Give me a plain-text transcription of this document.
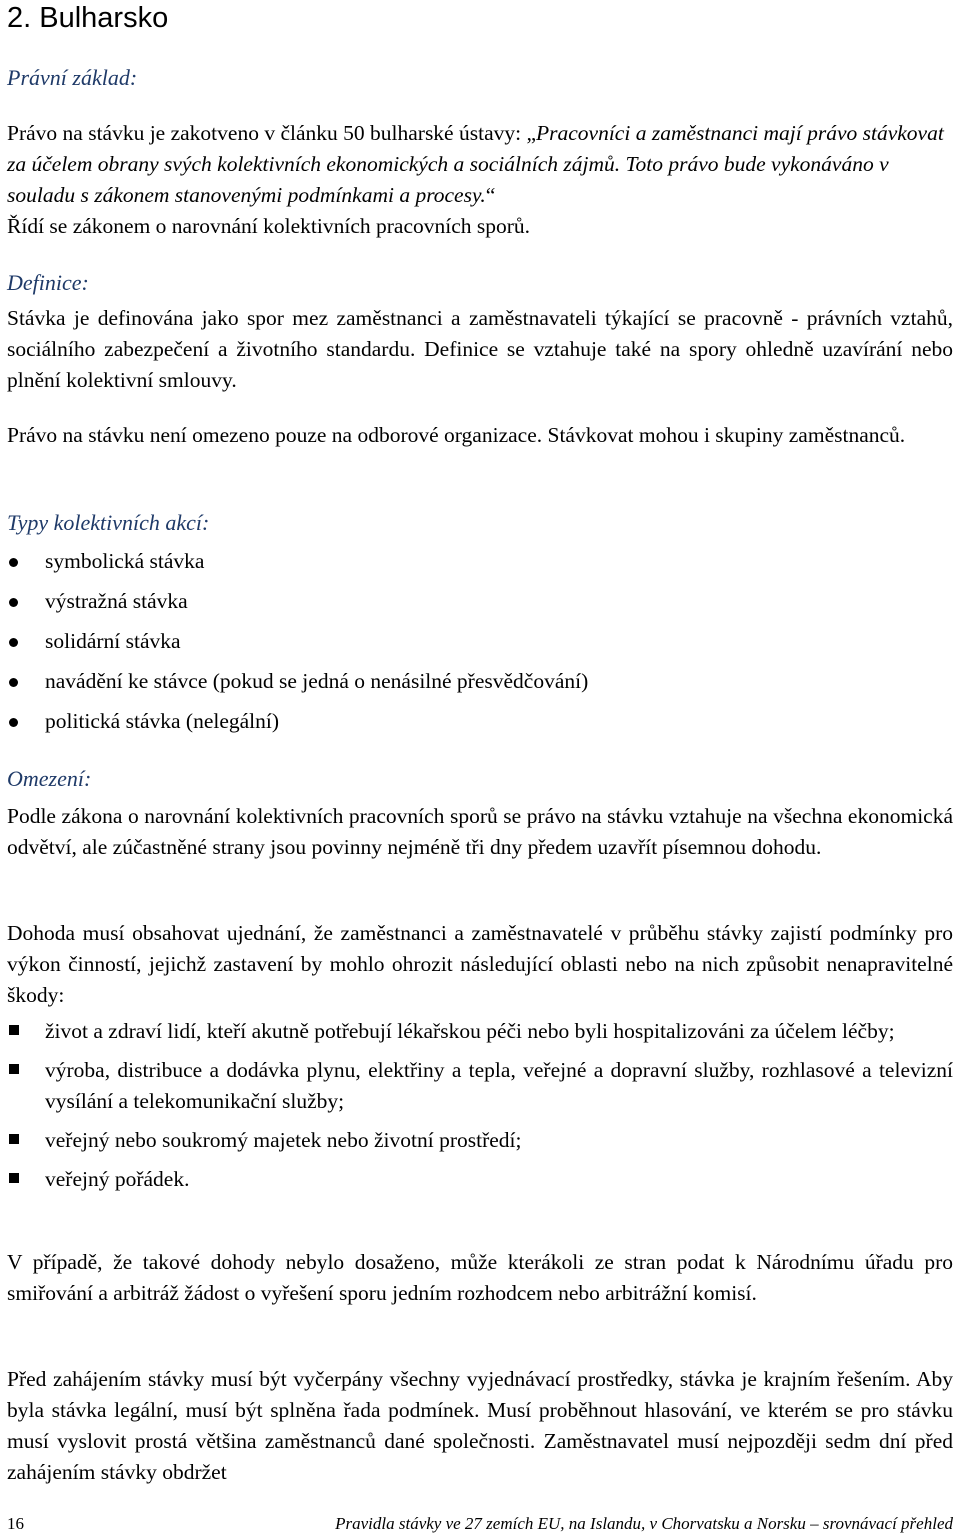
2. Bulharsko
Právní základ:

Právo na stávku je zakotveno v článku 50 bulharské ústavy: „Pracovníci a zaměstnanci mají právo stávkovat za účelem obrany svých kolektivních ekonomických a sociálních zájmů. Toto právo bude vykonáváno v souladu s zákonem stanovenými podmínkami a procesy.“
Řídí se zákonem o narovnání kolektivních pracovních sporů.

Definice:

Stávka je definována jako spor mez zaměstnanci a zaměstnavateli týkající se pracovně - právních vztahů, sociálního zabezpečení a životního standardu. Definice se vztahuje také na spory ohledně uzavírání nebo plnění kolektivní smlouvy.

Právo na stávku není omezeno pouze na odborové organizace. Stávkovat mohou i skupiny zaměstnanců.

Typy kolektivních akcí:
symbolická stávka
výstražná stávka
solidární stávka
navádění ke stávce (pokud se jedná o nenásilné přesvědčování)
politická stávka (nelegální)
Omezení:

Podle zákona o narovnání kolektivních pracovních sporů se právo na stávku vztahuje na všechna ekonomická odvětví, ale zúčastněné strany jsou povinny nejméně tři dny předem uzavřít písemnou dohodu.

Dohoda musí obsahovat ujednání, že zaměstnanci a zaměstnavatelé v průběhu stávky zajistí podmínky pro výkon činností, jejichž zastavení by mohlo ohrozit následující oblasti nebo na nich způsobit nenapravitelné škody:

život a zdraví lidí, kteří akutně potřebují lékařskou péči nebo byli hospitalizováni za účelem léčby;
výroba, distribuce a dodávka plynu, elektřiny a tepla, veřejné a dopravní služby, rozhlasové a televizní vysílání a telekomunikační služby;
veřejný nebo soukromý majetek nebo životní prostředí;
veřejný pořádek.

V případě, že takové dohody nebylo dosaženo, může kterákoli ze stran podat k Národnímu úřadu pro smiřování a arbitráž žádost o vyřešení sporu jedním rozhodcem nebo arbitrážní komisí.

Před zahájením stávky musí být vyčerpány všechny vyjednávací prostředky, stávka je krajním řešením. Aby byla stávka legální, musí být splněna řada podmínek. Musí proběhnout hlasování, ve kterém se pro stávku musí vyslovit prostá většina zaměstnanců dané společnosti. Zaměstnavatel musí nejpozději sedm dní před zahájením stávky obdržet

16	Pravidla stávky ve 27 zemích EU, na Islandu, v Chorvatsku a Norsku – srovnávací přehled
